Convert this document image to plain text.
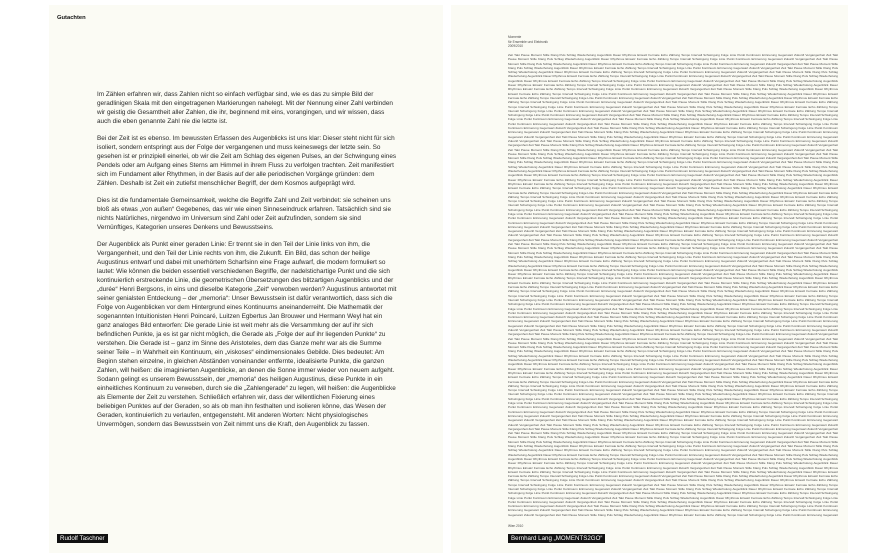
Gutachten

Im Zählen erfahren wir, dass Zahlen nicht so einfach verfügbar sind, wie es das zu simple Bild der geradlinigen Skala mit den eingetragenen Markierungen nahelegt. Mit der Nennung einer Zahl verbinden wir geistig die Gesamtheit aller Zahlen, die ihr, beginnend mit eins, vorangingen, und wir wissen, dass auch die eben genannte Zahl nie die letzte ist.

Bei der Zeit ist es ebenso. Im bewussten Erfassen des Augenblicks ist uns klar: Dieser steht nicht für sich isoliert, sondern entspringt aus der Folge der vergangenen und muss keineswegs der letzte sein. So gesehen ist er prinzipiell einerlei, ob wir die Zeit am Schlag des eigenen Pulses, an der Schwingung eines Pendels oder am Aufgang eines Sterns am Himmel in ihrem Fluss zu verfolgen trachten. Zeit manifestiert sich im Fundament aller Rhythmen, in der Basis auf der alle periodischen Vorgänge gründen: dem Zählen. Deshalb ist Zeit ein zutiefst menschlicher Begriff, der dem Kosmos aufgeprägt wird.

Dies ist die fundamentale Gemeinsamkeit, welche die Begriffe Zahl und Zeit verbindet: sie scheinen uns bloß als etwas „von außen“ Gegebenes, das wir wie einen Sinneseindruck erfahren. Tatsächlich sind sie nichts Natürliches, nirgendwo im Universum sind Zahl oder Zeit aufzufinden, sondern sie sind Vernünftiges, Kategorien unseres Denkens und Bewusstseins.

Der Augenblick als Punkt einer geraden Linie: Er trennt sie in den Teil der Linie links von ihm, die Vergangenheit, und den Teil der Linie rechts von ihm, die Zukunft. Ein Bild, das schon der heilige Augustinus entwarf und dabei mit unerhörtem Scharfsinn eine Frage aufwarf, die modern formuliert so lautet: Wie können die beiden essentiell verschiedenen Begriffe, der nadelstichartige Punkt und die sich kontinuierlich erstreckende Linie, die geometrischen Übersetzungen des blitzartigen Augenblicks und der „durée“ Henri Bergsons, in eins und dieselbe Kategorie „Zeit“ verwoben werden? Augustinus antwortet mit seiner genialsten Entdeckung – der „memoria“: Unser Bewusstsein ist dafür verantwortlich, dass sich die Folge von Augenblicken vor dem Hintergrund eines Kontinuums aneinanderreiht. Die Mathematik der sogenannten Intuitionisten Henri Poincaré, Luitzen Egbertus Jan Brouwer und Hermann Weyl hat ein ganz analoges Bild entworfen: Die gerade Linie ist weit mehr als die Versammlung der auf ihr sich befindlichen Punkte, ja es ist gar nicht möglich, die Gerade als „Folge der auf ihr liegenden Punkte“ zu verstehen. Die Gerade ist – ganz im Sinne des Aristoteles, dem das Ganze mehr war als die Summe seiner Teile – in Wahrheit ein Kontinuum, ein „viskoses“ eindimensionales Gebilde. Dies bedeutet: Am Beginn stehen einzelne, in gleichen Abständen voneinander entfernte, idealisierte Punkte, die ganzen Zahlen, will heißen: die imaginierten Augenblicke, an denen die Sonne immer wieder von neuem aufgeht. Sodann gelingt es unserem Bewusstsein, der „memoria“ des heiligen Augustinus, diese Punkte in ein einheitliches Kontinuum zu verweben, durch sie die „Zahlengerade“ zu legen, will heißen: die Augenblicke als Elemente der Zeit zu verstehen. Schließlich erfahren wir, dass der willentlichen Fixierung eines beliebigen Punktes auf der Geraden, so als ob man ihn festhalten und isolieren könne, das Wesen der Geraden, kontinuierlich zu verlaufen, entgegensteht. Mit anderen Worten: Nicht physiologisches Unvermögen, sondern das Bewusstsein von Zeit nimmt uns die Kraft, den Augenblick zu fassen.

Rudolf Taschner
Momente
für Ensemble und Elektronik
2009/2010
Zeit Takt Pause Moment Stille Klang Puls Schlag Wiederholung Augenblick Dauer Rhythmus Einsatz Fermate Echo Zählung Tempo Intervall Schwingung Folge Linie Punkt Kontinuum Erinnerung Gegenwart Zukunft Vergangenheit Zeit Takt Pause Moment Stille Klang Puls Schlag Wiederholung Augenblick Dauer Rhythmus Einsatz Fermate Echo Zählung Tempo Intervall Schwingung Folge Linie Punkt Kontinuum Erinnerung Gegenwart Zukunft Vergangenheit Zeit Takt Pause Moment Stille Klang Puls Schlag Wiederholung Augenblick Dauer Rhythmus Einsatz Fermate Echo Zählung Tempo Intervall Schwingung Folge Linie Punkt Kontinuum Erinnerung Gegenwart Zukunft Vergangenheit Zeit Takt Pause Moment Stille Klang Puls Schlag Wiederholung Augenblick Dauer Rhythmus Einsatz Fermate Echo Zählung Tempo Intervall Schwingung Folge Linie Punkt Kontinuum Erinnerung Gegenwart Zukunft Vergangenheit Zeit Takt Pause Moment Stille Klang Puls Schlag Wiederholung Augenblick Dauer Rhythmus Einsatz Fermate Echo Zählung Tempo Intervall Schwingung Folge Linie Punkt Kontinuum Erinnerung Gegenwart Zukunft Vergangenheit Zeit Takt Pause Moment Stille Klang Puls Schlag Wiederholung Augenblick Dauer Rhythmus Einsatz Fermate Echo Zählung Tempo Intervall Schwingung Folge Linie Punkt Kontinuum Erinnerung Gegenwart Zukunft Vergangenheit Zeit Takt Pause Moment Stille Klang Puls Schlag Wiederholung Augenblick Dauer Rhythmus Einsatz Fermate Echo Zählung Tempo Intervall Schwingung Folge Linie Punkt Kontinuum Erinnerung Gegenwart Zukunft Vergangenheit Zeit Takt Pause Moment Stille Klang Puls Schlag Wiederholung Augenblick Dauer Rhythmus Einsatz Fermate Echo Zählung Tempo Intervall Schwingung Folge Linie Punkt Kontinuum Erinnerung Gegenwart Zukunft Vergangenheit Zeit Takt Pause Moment Stille Klang Puls Schlag Wiederholung Augenblick Dauer Rhythmus Einsatz Fermate Echo Zählung Tempo Intervall Schwingung Folge Linie Punkt Kontinuum Erinnerung Gegenwart Zukunft Vergangenheit Zeit Takt Pause Moment Stille Klang Puls Schlag Wiederholung Augenblick Dauer Rhythmus Einsatz Fermate Echo Zählung Tempo Intervall Schwingung Folge Linie Punkt Kontinuum Erinnerung Gegenwart Zukunft Vergangenheit Zeit Takt Pause Moment Stille Klang Puls Schlag Wiederholung Augenblick Dauer Rhythmus Einsatz Fermate Echo Zählung Tempo Intervall Schwingung Folge Linie Punkt Kontinuum Erinnerung Gegenwart Zukunft Vergangenheit Zeit Takt Pause Moment Stille Klang Puls Schlag Wiederholung Augenblick Dauer Rhythmus Einsatz Fermate Echo Zählung Tempo Intervall Schwingung Folge Linie Punkt Kontinuum Erinnerung Gegenwart Zukunft Vergangenheit Zeit Takt Pause Moment Stille Klang Puls Schlag Wiederholung Augenblick Dauer Rhythmus Einsatz Fermate Echo Zählung Tempo Intervall Schwingung Folge Linie Punkt Kontinuum Erinnerung Gegenwart Zukunft Vergangenheit Zeit Takt Pause Moment Stille Klang Puls Schlag Wiederholung Augenblick Dauer Rhythmus Einsatz Fermate Echo Zählung Tempo Intervall Schwingung Folge Linie Punkt Kontinuum Erinnerung Gegenwart Zukunft Vergangenheit Zeit Takt Pause Moment Stille Klang Puls Schlag Wiederholung Augenblick Dauer Rhythmus Einsatz Fermate Echo Zählung Tempo Intervall Schwingung Folge Linie Punkt Kontinuum Erinnerung Gegenwart Zukunft Vergangenheit Zeit Takt Pause Moment Stille Klang Puls Schlag Wiederholung Augenblick Dauer Rhythmus Einsatz Fermate Echo Zählung Tempo Intervall Schwingung Folge Linie Punkt Kontinuum Erinnerung Gegenwart Zukunft Vergangenheit Zeit Takt Pause Moment Stille Klang Puls Schlag Wiederholung Augenblick Dauer Rhythmus Einsatz Fermate Echo Zählung Tempo Intervall Schwingung Folge Linie Punkt Kontinuum Erinnerung Gegenwart Zukunft Vergangenheit Zeit Takt Pause Moment Stille Klang Puls Schlag Wiederholung Augenblick Dauer Rhythmus Einsatz Fermate Echo Zählung Tempo Intervall Schwingung Folge Linie Punkt Kontinuum Erinnerung Gegenwart Zukunft Vergangenheit Zeit Takt Pause Moment Stille Klang Puls Schlag Wiederholung Augenblick Dauer Rhythmus Einsatz Fermate Echo Zählung Tempo Intervall Schwingung Folge Linie Punkt Kontinuum Erinnerung Gegenwart Zukunft Vergangenheit Zeit Takt Pause Moment Stille Klang Puls Schlag Wiederholung Augenblick Dauer Rhythmus Einsatz Fermate Echo Zählung Tempo Intervall Schwingung Folge Linie Punkt Kontinuum Erinnerung Gegenwart Zukunft Vergangenheit Zeit Takt Pause Moment Stille Klang Puls Schlag Wiederholung Augenblick Dauer Rhythmus Einsatz Fermate Echo Zählung Tempo Intervall Schwingung Folge Linie Punkt Kontinuum Erinnerung Gegenwart Zukunft Vergangenheit Zeit Takt Pause Moment Stille Klang Puls Schlag Wiederholung Augenblick Dauer Rhythmus Einsatz Fermate Echo Zählung Tempo Intervall Schwingung Folge Linie Punkt Kontinuum Erinnerung Gegenwart Zukunft Vergangenheit Zeit Takt Pause Moment Stille Klang Puls Schlag Wiederholung Augenblick Dauer Rhythmus Einsatz Fermate Echo Zählung Tempo Intervall Schwingung Folge Linie Punkt Kontinuum Erinnerung Gegenwart Zukunft Vergangenheit Zeit Takt Pause Moment Stille Klang Puls Schlag Wiederholung Augenblick Dauer Rhythmus Einsatz Fermate Echo Zählung Tempo Intervall Schwingung Folge Linie Punkt Kontinuum Erinnerung Gegenwart Zukunft Vergangenheit Zeit Takt Pause Moment Stille Klang Puls Schlag Wiederholung Augenblick Dauer Rhythmus Einsatz Fermate Echo Zählung Tempo Intervall Schwingung Folge Linie Punkt Kontinuum Erinnerung Gegenwart Zukunft Vergangenheit Zeit Takt Pause Moment Stille Klang Puls Schlag Wiederholung Augenblick Dauer Rhythmus Einsatz Fermate Echo Zählung Tempo Intervall Schwingung Folge Linie Punkt Kontinuum Erinnerung Gegenwart Zukunft Vergangenheit Zeit Takt Pause Moment Stille Klang Puls Schlag Wiederholung Augenblick Dauer Rhythmus Einsatz Fermate Echo Zählung Tempo Intervall Schwingung Folge Linie Punkt Kontinuum Erinnerung Gegenwart Zukunft Vergangenheit Zeit Takt Pause Moment Stille Klang Puls Schlag Wiederholung Augenblick Dauer Rhythmus Einsatz Fermate Echo Zählung Tempo Intervall Schwingung Folge Linie Punkt Kontinuum Erinnerung Gegenwart Zukunft Vergangenheit Zeit Takt Pause Moment Stille Klang Puls Schlag Wiederholung Augenblick Dauer Rhythmus Einsatz Fermate Echo Zählung Tempo Intervall Schwingung Folge Linie Punkt Kontinuum Erinnerung Gegenwart Zukunft Vergangenheit Zeit Takt Pause Moment Stille Klang Puls Schlag Wiederholung Augenblick Dauer Rhythmus Einsatz Fermate Echo Zählung Tempo Intervall Schwingung Folge Linie Punkt Kontinuum Erinnerung Gegenwart Zukunft Vergangenheit Zeit Takt Pause Moment Stille Klang Puls Schlag Wiederholung Augenblick Dauer Rhythmus Einsatz Fermate Echo Zählung Tempo Intervall Schwingung Folge Linie Punkt Kontinuum Erinnerung Gegenwart Zukunft Vergangenheit Zeit Takt Pause Moment Stille Klang Puls Schlag Wiederholung Augenblick Dauer Rhythmus Einsatz Fermate Echo Zählung Tempo Intervall Schwingung Folge Linie Punkt Kontinuum Erinnerung Gegenwart Zukunft Vergangenheit Zeit Takt Pause Moment Stille Klang Puls Schlag Wiederholung Augenblick Dauer Rhythmus Einsatz Fermate Echo Zählung Tempo Intervall Schwingung Folge Linie Punkt Kontinuum Erinnerung Gegenwart Zukunft Vergangenheit Zeit Takt Pause Moment Stille Klang Puls Schlag Wiederholung Augenblick Dauer Rhythmus Einsatz Fermate Echo Zählung Tempo Intervall Schwingung Folge Linie Punkt Kontinuum Erinnerung Gegenwart Zukunft Vergangenheit Zeit Takt Pause Moment Stille Klang Puls Schlag Wiederholung Augenblick Dauer Rhythmus Einsatz Fermate Echo Zählung Tempo Intervall Schwingung Folge Linie Punkt Kontinuum Erinnerung Gegenwart Zukunft Vergangenheit Zeit Takt Pause Moment Stille Klang Puls Schlag Wiederholung Augenblick Dauer Rhythmus Einsatz Fermate Echo Zählung Tempo Intervall Schwingung Folge Linie Punkt Kontinuum Erinnerung Gegenwart Zukunft Vergangenheit Zeit Takt Pause Moment Stille Klang Puls Schlag Wiederholung Augenblick Dauer Rhythmus Einsatz Fermate Echo Zählung Tempo Intervall Schwingung Folge Linie Punkt Kontinuum Erinnerung Gegenwart Zukunft Vergangenheit Zeit Takt Pause Moment Stille Klang Puls Schlag Wiederholung Augenblick Dauer Rhythmus Einsatz Fermate Echo Zählung Tempo Intervall Schwingung Folge Linie Punkt Kontinuum Erinnerung Gegenwart Zukunft Vergangenheit Zeit Takt Pause Moment Stille Klang Puls Schlag Wiederholung Augenblick Dauer Rhythmus Einsatz Fermate Echo Zählung Tempo Intervall Schwingung Folge Linie Punkt Kontinuum Erinnerung Gegenwart Zukunft Vergangenheit Zeit Takt Pause Moment Stille Klang Puls Schlag Wiederholung Augenblick Dauer Rhythmus Einsatz Fermate Echo Zählung Tempo Intervall Schwingung Folge Linie Punkt Kontinuum Erinnerung Gegenwart Zukunft Vergangenheit Zeit Takt Pause Moment Stille Klang Puls Schlag Wiederholung Augenblick Dauer Rhythmus Einsatz Fermate Echo Zählung Tempo Intervall Schwingung Folge Linie Punkt Kontinuum Erinnerung Gegenwart Zukunft Vergangenheit Zeit Takt Pause Moment Stille Klang Puls Schlag Wiederholung Augenblick Dauer Rhythmus Einsatz Fermate Echo Zählung Tempo Intervall Schwingung Folge Linie Punkt Kontinuum Erinnerung Gegenwart Zukunft Vergangenheit Zeit Takt Pause Moment Stille Klang Puls Schlag Wiederholung Augenblick Dauer Rhythmus Einsatz Fermate Echo Zählung Tempo Intervall Schwingung Folge Linie Punkt Kontinuum Erinnerung Gegenwart Zukunft Vergangenheit Zeit Takt Pause Moment Stille Klang Puls Schlag Wiederholung Augenblick Dauer Rhythmus Einsatz Fermate Echo Zählung Tempo Intervall Schwingung Folge Linie Punkt Kontinuum Erinnerung Gegenwart Zukunft Vergangenheit Zeit Takt Pause Moment Stille Klang Puls Schlag Wiederholung Augenblick Dauer Rhythmus Einsatz Fermate Echo Zählung Tempo Intervall Schwingung Folge Linie Punkt Kontinuum Erinnerung Gegenwart Zukunft Vergangenheit Zeit Takt Pause Moment Stille Klang Puls Schlag Wiederholung Augenblick Dauer Rhythmus Einsatz Fermate Echo Zählung Tempo Intervall Schwingung Folge Linie Punkt Kontinuum Erinnerung Gegenwart Zukunft Vergangenheit Zeit Takt Pause Moment Stille Klang Puls Schlag Wiederholung Augenblick Dauer Rhythmus Einsatz Fermate Echo Zählung Tempo Intervall Schwingung Folge Linie Punkt Kontinuum Erinnerung Gegenwart Zukunft Vergangenheit Zeit Takt Pause Moment Stille Klang Puls Schlag Wiederholung Augenblick Dauer Rhythmus Einsatz Fermate Echo Zählung Tempo Intervall Schwingung Folge Linie Punkt Kontinuum Erinnerung Gegenwart Zukunft Vergangenheit Zeit Takt Pause Moment Stille Klang Puls Schlag Wiederholung Augenblick Dauer Rhythmus Einsatz Fermate Echo Zählung Tempo Intervall Schwingung Folge Linie Punkt Kontinuum Erinnerung Gegenwart Zukunft Vergangenheit Zeit Takt Pause Moment Stille Klang Puls Schlag Wiederholung Augenblick Dauer Rhythmus Einsatz Fermate Echo Zählung Tempo Intervall Schwingung Folge Linie Punkt Kontinuum Erinnerung Gegenwart Zukunft Vergangenheit Zeit Takt Pause Moment Stille Klang Puls Schlag Wiederholung Augenblick Dauer Rhythmus Einsatz Fermate Echo Zählung Tempo Intervall Schwingung Folge Linie Punkt Kontinuum Erinnerung Gegenwart Zukunft Vergangenheit Zeit Takt Pause Moment Stille Klang Puls Schlag Wiederholung Augenblick Dauer Rhythmus Einsatz Fermate Echo Zählung Tempo Intervall Schwingung Folge Linie Punkt Kontinuum Erinnerung Gegenwart Zukunft Vergangenheit Zeit Takt Pause Moment Stille Klang Puls Schlag Wiederholung Augenblick Dauer Rhythmus Einsatz Fermate Echo Zählung Tempo Intervall Schwingung Folge Linie Punkt Kontinuum Erinnerung Gegenwart Zukunft Vergangenheit Zeit Takt Pause Moment Stille Klang Puls Schlag Wiederholung Augenblick Dauer Rhythmus Einsatz Fermate Echo Zählung Tempo Intervall Schwingung Folge Linie Punkt Kontinuum Erinnerung Gegenwart Zukunft Vergangenheit Zeit Takt Pause Moment Stille Klang Puls Schlag Wiederholung Augenblick Dauer Rhythmus Einsatz Fermate Echo Zählung Tempo Intervall Schwingung Folge Linie Punkt Kontinuum Erinnerung Gegenwart Zukunft Vergangenheit Zeit Takt Pause Moment Stille Klang Puls Schlag Wiederholung Augenblick Dauer Rhythmus Einsatz Fermate Echo Zählung Tempo Intervall Schwingung Folge Linie Punkt Kontinuum Erinnerung Gegenwart Zukunft Vergangenheit Zeit Takt Pause Moment Stille Klang Puls Schlag Wiederholung Augenblick Dauer Rhythmus Einsatz Fermate Echo Zählung Tempo Intervall Schwingung Folge Linie Punkt Kontinuum Erinnerung Gegenwart Zukunft Vergangenheit Zeit Takt Pause Moment Stille Klang Puls Schlag Wiederholung Augenblick Dauer Rhythmus Einsatz Fermate Echo Zählung Tempo Intervall Schwingung Folge Linie Punkt Kontinuum Erinnerung Gegenwart Zukunft Vergangenheit Zeit Takt Pause Moment Stille Klang Puls Schlag Wiederholung Augenblick Dauer Rhythmus Einsatz Fermate Echo Zählung Tempo Intervall Schwingung Folge Linie Punkt Kontinuum Erinnerung Gegenwart Zukunft Vergangenheit Zeit Takt Pause Moment Stille Klang Puls Schlag Wiederholung Augenblick Dauer Rhythmus Einsatz Fermate Echo Zählung Tempo Intervall Schwingung Folge Linie Punkt Kontinuum Erinnerung Gegenwart Zukunft Vergangenheit Zeit Takt Pause Moment Stille Klang Puls Schlag Wiederholung Augenblick Dauer Rhythmus Einsatz Fermate Echo Zählung Tempo Intervall Schwingung Folge Linie Punkt Kontinuum Erinnerung Gegenwart Zukunft Vergangenheit Zeit Takt Pause Moment Stille Klang Puls Schlag Wiederholung Augenblick Dauer Rhythmus Einsatz Fermate Echo Zählung Tempo Intervall Schwingung Folge Linie Punkt Kontinuum Erinnerung Gegenwart Zukunft Vergangenheit Zeit Takt Pause Moment Stille Klang Puls Schlag Wiederholung Augenblick Dauer Rhythmus Einsatz Fermate Echo Zählung Tempo Intervall Schwingung Folge Linie Punkt Kontinuum Erinnerung Gegenwart Zukunft Vergangenheit Zeit Takt Pause Moment Stille Klang Puls Schlag Wiederholung Augenblick Dauer Rhythmus Einsatz Fermate Echo Zählung Tempo Intervall Schwingung Folge Linie Punkt Kontinuum Erinnerung Gegenwart Zukunft Vergangenheit Zeit Takt Pause Moment Stille Klang Puls Schlag Wiederholung Augenblick Dauer Rhythmus Einsatz Fermate Echo Zählung Tempo Intervall Schwingung Folge Linie Punkt Kontinuum Erinnerung Gegenwart Zukunft Vergangenheit Zeit Takt Pause Moment Stille Klang Puls Schlag Wiederholung Augenblick Dauer Rhythmus Einsatz Fermate Echo Zählung Tempo Intervall Schwingung Folge Linie Punkt Kontinuum Erinnerung Gegenwart Zukunft Vergangenheit Zeit Takt Pause Moment Stille Klang Puls Schlag Wiederholung Augenblick Dauer Rhythmus Einsatz Fermate Echo Zählung Tempo Intervall Schwingung Folge Linie Punkt Kontinuum Erinnerung Gegenwart Zukunft Vergangenheit Zeit Takt Pause Moment Stille Klang Puls Schlag Wiederholung Augenblick Dauer Rhythmus Einsatz Fermate Echo Zählung Tempo Intervall Schwingung Folge Linie Punkt Kontinuum Erinnerung Gegenwart Zukunft Vergangenheit Zeit Takt Pause Moment Stille Klang Puls Schlag Wiederholung Augenblick Dauer Rhythmus Einsatz Fermate Echo Zählung Tempo Intervall Schwingung Folge Linie Punkt Kontinuum Erinnerung Gegenwart Zukunft Vergangenheit Zeit Takt Pause Moment Stille Klang Puls Schlag Wiederholung Augenblick Dauer Rhythmus Einsatz Fermate Echo Zählung Tempo Intervall Schwingung Folge Linie Punkt Kontinuum Erinnerung Gegenwart Zukunft Vergangenheit Zeit Takt Pause Moment Stille Klang Puls Schlag Wiederholung Augenblick Dauer Rhythmus Einsatz Fermate Echo Zählung Tempo Intervall Schwingung Folge Linie Punkt Kontinuum Erinnerung Gegenwart Zukunft Vergangenheit Zeit Takt Pause Moment Stille Klang Puls Schlag Wiederholung Augenblick Dauer Rhythmus Einsatz Fermate Echo Zählung Tempo Intervall Schwingung Folge Linie Punkt Kontinuum Erinnerung Gegenwart Zukunft Vergangenheit Zeit Takt Pause Moment Stille Klang Puls Schlag Wiederholung Augenblick Dauer Rhythmus Einsatz Fermate Echo Zählung Tempo Intervall Schwingung Folge Linie Punkt Kontinuum Erinnerung Gegenwart Zukunft Vergangenheit Zeit Takt Pause Moment Stille Klang Puls Schlag Wiederholung Augenblick Dauer Rhythmus Einsatz Fermate Echo Zählung Tempo Intervall Schwingung Folge Linie Punkt Kontinuum Erinnerung Gegenwart Zukunft Vergangenheit Zeit Takt Pause Moment Stille Klang Puls Schlag Wiederholung Augenblick Dauer Rhythmus Einsatz Fermate Echo Zählung Tempo Intervall Schwingung Folge Linie Punkt Kontinuum Erinnerung Gegenwart Zukunft Vergangenheit Zeit Takt Pause Moment Stille Klang Puls Schlag Wiederholung Augenblick Dauer Rhythmus Einsatz Fermate Echo Zählung Tempo Intervall Schwingung Folge Linie Punkt Kontinuum Erinnerung Gegenwart Zukunft Vergangenheit Zeit Takt Pause Moment Stille Klang Puls Schlag Wiederholung Augenblick Dauer Rhythmus Einsatz Fermate Echo Zählung Tempo Intervall Schwingung Folge Linie Punkt Kontinuum Erinnerung Gegenwart Zukunft Vergangenheit Zeit Takt Pause Moment Stille Klang Puls Schlag Wiederholung Augenblick Dauer Rhythmus Einsatz Fermate Echo Zählung Tempo Intervall Schwingung Folge Linie Punkt Kontinuum Erinnerung Gegenwart Zukunft Vergangenheit Zeit Takt Pause Moment Stille Klang Puls Schlag Wiederholung Augenblick Dauer Rhythmus Einsatz Fermate Echo Zählung Tempo Intervall Schwingung Folge Linie Punkt Kontinuum Erinnerung Gegenwart Zukunft Vergangenheit Zeit Takt Pause Moment Stille Klang Puls Schlag Wiederholung Augenblick Dauer Rhythmus Einsatz Fermate Echo Zählung Tempo Intervall Schwingung Folge Linie Punkt Kontinuum Erinnerung Gegenwart Zukunft Vergangenheit Zeit Takt Pause Moment Stille Klang Puls Schlag Wiederholung Augenblick Dauer Rhythmus Einsatz Fermate Echo Zählung Tempo Intervall Schwingung Folge Linie Punkt Kontinuum Erinnerung Gegenwart Zukunft Vergangenheit Zeit Takt Pause Moment Stille Klang Puls Schlag Wiederholung Augenblick Dauer Rhythmus Einsatz Fermate Echo Zählung Tempo Intervall Schwingung Folge Linie Punkt Kontinuum Erinnerung Gegenwart Zukunft Vergangenheit Zeit Takt Pause Moment Stille Klang Puls Schlag Wiederholung Augenblick Dauer Rhythmus Einsatz Fermate Echo Zählung Tempo Intervall Schwingung Folge Linie Punkt Kontinuum Erinnerung Gegenwart Zukunft Vergangenheit Zeit Takt Pause Moment Stille Klang Puls Schlag Wiederholung Augenblick Dauer Rhythmus Einsatz Fermate Echo Zählung Tempo Intervall Schwingung Folge Linie Punkt Kontinuum Erinnerung Gegenwart Zukunft Vergangenheit Zeit Takt Pause Moment Stille Klang Puls Schlag Wiederholung Augenblick Dauer Rhythmus Einsatz Fermate Echo Zählung Tempo Intervall Schwingung Folge Linie Punkt Kontinuum Erinnerung Gegenwart Zukunft Vergangenheit Zeit Takt Pause Moment Stille Klang Puls Schlag Wiederholung Augenblick Dauer Rhythmus Einsatz Fermate Echo Zählung Tempo Intervall Schwingung Folge Linie Punkt Kontinuum Erinnerung Gegenwart Zukunft Vergangenheit Zeit Takt Pause Moment Stille Klang Puls Schlag Wiederholung Augenblick Dauer Rhythmus Einsatz Fermate Echo Zählung Tempo Intervall Schwingung Folge Linie Punkt Kontinuum Erinnerung Gegenwart Zukunft Vergangenheit Zeit Takt Pause Moment Stille Klang Puls Schlag Wiederholung Augenblick Dauer Rhythmus Einsatz Fermate Echo Zählung Tempo Intervall Schwingung Folge Linie Punkt Kontinuum Erinnerung Gegenwart Zukunft Vergangenheit Zeit Takt Pause Moment Stille Klang Puls Schlag Wiederholung Augenblick Dauer Rhythmus Einsatz Fermate Echo Zählung Tempo Intervall Schwingung Folge Linie Punkt Kontinuum Erinnerung Gegenwart Zukunft Vergangenheit Zeit Takt Pause Moment Stille Klang Puls Schlag Wiederholung Augenblick Dauer Rhythmus Einsatz Fermate Echo Zählung Tempo Intervall Schwingung Folge Linie Punkt Kontinuum Erinnerung Gegenwart Zukunft Vergangenheit Zeit Takt Pause Moment Stille Klang Puls Schlag Wiederholung Augenblick Dauer Rhythmus Einsatz Fermate Echo Zählung Tempo Intervall Schwingung Folge Linie Punkt Kontinuum Erinnerung Gegenwart Zukunft Vergangenheit Zeit Takt Pause Moment Stille Klang Puls Schlag Wiederholung Augenblick Dauer Rhythmus Einsatz Fermate Echo Zählung Tempo Intervall Schwingung Folge Linie Punkt Kontinuum Erinnerung Gegenwart Zukunft Vergangenheit Zeit Takt Pause Moment Stille Klang Puls Schlag Wiederholung Augenblick Dauer Rhythmus Einsatz Fermate Echo Zählung Tempo Intervall Schwingung Folge Linie Punkt Kontinuum Erinnerung Gegenwart Zukunft Vergangenheit Zeit Takt Pause Moment Stille Klang Puls Schlag Wiederholung Augenblick Dauer Rhythmus Einsatz Fermate Echo Zählung Tempo Intervall Schwingung Folge Linie Punkt Kontinuum Erinnerung Gegenwart Zukunft Vergangenheit Zeit Takt Pause Moment Stille Klang Puls Schlag Wiederholung Augenblick Dauer Rhythmus Einsatz Fermate Echo Zählung Tempo Intervall Schwingung Folge Linie Punkt Kontinuum Erinnerung Gegenwart Zukunft Vergangenheit Zeit Takt Pause Moment Stille Klang Puls Schlag Wiederholung Augenblick Dauer Rhythmus Einsatz Fermate Echo Zählung Tempo Intervall Schwingung Folge Linie Punkt Kontinuum Erinnerung Gegenwart Zukunft Vergangenheit Zeit Takt Pause Moment Stille Klang Puls Schlag Wiederholung Augenblick Dauer Rhythmus Einsatz Fermate Echo Zählung Tempo Intervall Schwingung Folge Linie Punkt Kontinuum Erinnerung Gegenwart Zukunft Vergangenheit Zeit Takt Pause Moment Stille Klang Puls Schlag Wiederholung Augenblick Dauer Rhythmus Einsatz Fermate Echo Zählung Tempo Intervall Schwingung Folge Linie Punkt Kontinuum Erinnerung Gegenwart Zukunft Vergangenheit Zeit Takt Pause Moment Stille Klang Puls Schlag Wiederholung Augenblick Dauer Rhythmus Einsatz Fermate Echo Zählung Tempo Intervall Schwingung Folge Linie Punkt Kontinuum Erinnerung Gegenwart Zukunft Vergangenheit Zeit Takt Pause Moment Stille Klang Puls Schlag Wiederholung Augenblick Dauer Rhythmus Einsatz Fermate Echo Zählung Tempo Intervall Schwingung Folge Linie Punkt Kontinuum Erinnerung Gegenwart Zukunft Vergangenheit Zeit Takt Pause Moment Stille Klang Puls Schlag Wiederholung Augenblick Dauer Rhythmus Einsatz Fermate Echo Zählung Tempo Intervall Schwingung Folge Linie Punkt Kontinuum Erinnerung Gegenwart Zukunft Vergangenheit Zeit Takt Pause Moment Stille Klang Puls Schlag Wiederholung Augenblick Dauer Rhythmus Einsatz Fermate Echo Zählung Tempo Intervall Schwingung Folge Linie Punkt Kontinuum Erinnerung Gegenwart Zukunft Vergangenheit Zeit Takt Pause Moment Stille Klang Puls Schlag Wiederholung Augenblick Dauer Rhythmus Einsatz Fermate Echo Zählung Tempo Intervall Schwingung Folge Linie Punkt Kontinuum Erinnerung Gegenwart Zukunft Vergangenheit Zeit Takt Pause Moment Stille Klang Puls Schlag Wiederholung Augenblick Dauer Rhythmus Einsatz Fermate Echo Zählung Tempo Intervall Schwingung Folge Linie Punkt Kontinuum Erinnerung Gegenwart Zukunft Vergangenheit Zeit Takt Pause Moment Stille Klang Puls Schlag Wiederholung Augenblick Dauer Rhythmus Einsatz Fermate Echo Zählung Tempo Intervall Schwingung Folge Linie Punkt Kontinuum Erinnerung Gegenwart Zukunft Vergangenheit Zeit Takt Pause Moment Stille Klang Puls Schlag Wiederholung Augenblick Dauer Rhythmus Einsatz Fermate Echo Zählung Tempo Intervall Schwingung Folge Linie Punkt Kontinuum Erinnerung Gegenwart Zukunft Vergangenheit Zeit Takt Pause Moment Stille Klang Puls Schlag Wiederholung Augenblick Dauer Rhythmus Einsatz Fermate Echo Zählung Tempo Intervall Schwingung Folge Linie Punkt Kontinuum Erinnerung Gegenwart Zukunft Vergangenheit Zeit Takt Pause Moment Stille Klang Puls Schlag Wiederholung Augenblick Dauer Rhythmus Einsatz Fermate Echo Zählung Tempo Intervall Schwingung Folge Linie Punkt Kontinuum Erinnerung Gegenwart Zukunft Vergangenheit Zeit Takt Pause Moment Stille Klang Puls Schlag Wiederholung Augenblick Dauer Rhythmus Einsatz Fermate Echo Zählung Tempo Intervall Schwingung Folge Linie Punkt Kontinuum Erinnerung Gegenwart Zukunft Vergangenheit Zeit Takt Pause Moment Stille Klang Puls Schlag Wiederholung Augenblick Dauer Rhythmus Einsatz Fermate Echo Zählung Tempo Intervall Schwingung Folge Linie Punkt Kontinuum Erinnerung Gegenwart Zukunft Vergangenheit Zeit Takt Pause Moment Stille Klang Puls Schlag Wiederholung Augenblick Dauer Rhythmus Einsatz Fermate Echo Zählung Tempo Intervall Schwingung Folge Linie Punkt Kontinuum Erinnerung Gegenwart Zukunft Vergangenheit Zeit Takt Pause Moment Stille Klang Puls Schlag Wiederholung Augenblick Dauer Rhythmus Einsatz Fermate Echo Zählung Tempo Intervall Schwingung Folge Linie Punkt Kontinuum Erinnerung Gegenwart Zukunft Vergangenheit Zeit Takt Pause Moment Stille Klang Puls Schlag Wiederholung Augenblick Dauer Rhythmus Einsatz Fermate Echo Zählung Tempo Intervall Schwingung Folge Linie Punkt Kontinuum Erinnerung Gegenwart
Wien 2010
Bernhard Lang „MOMENTS2GO“
